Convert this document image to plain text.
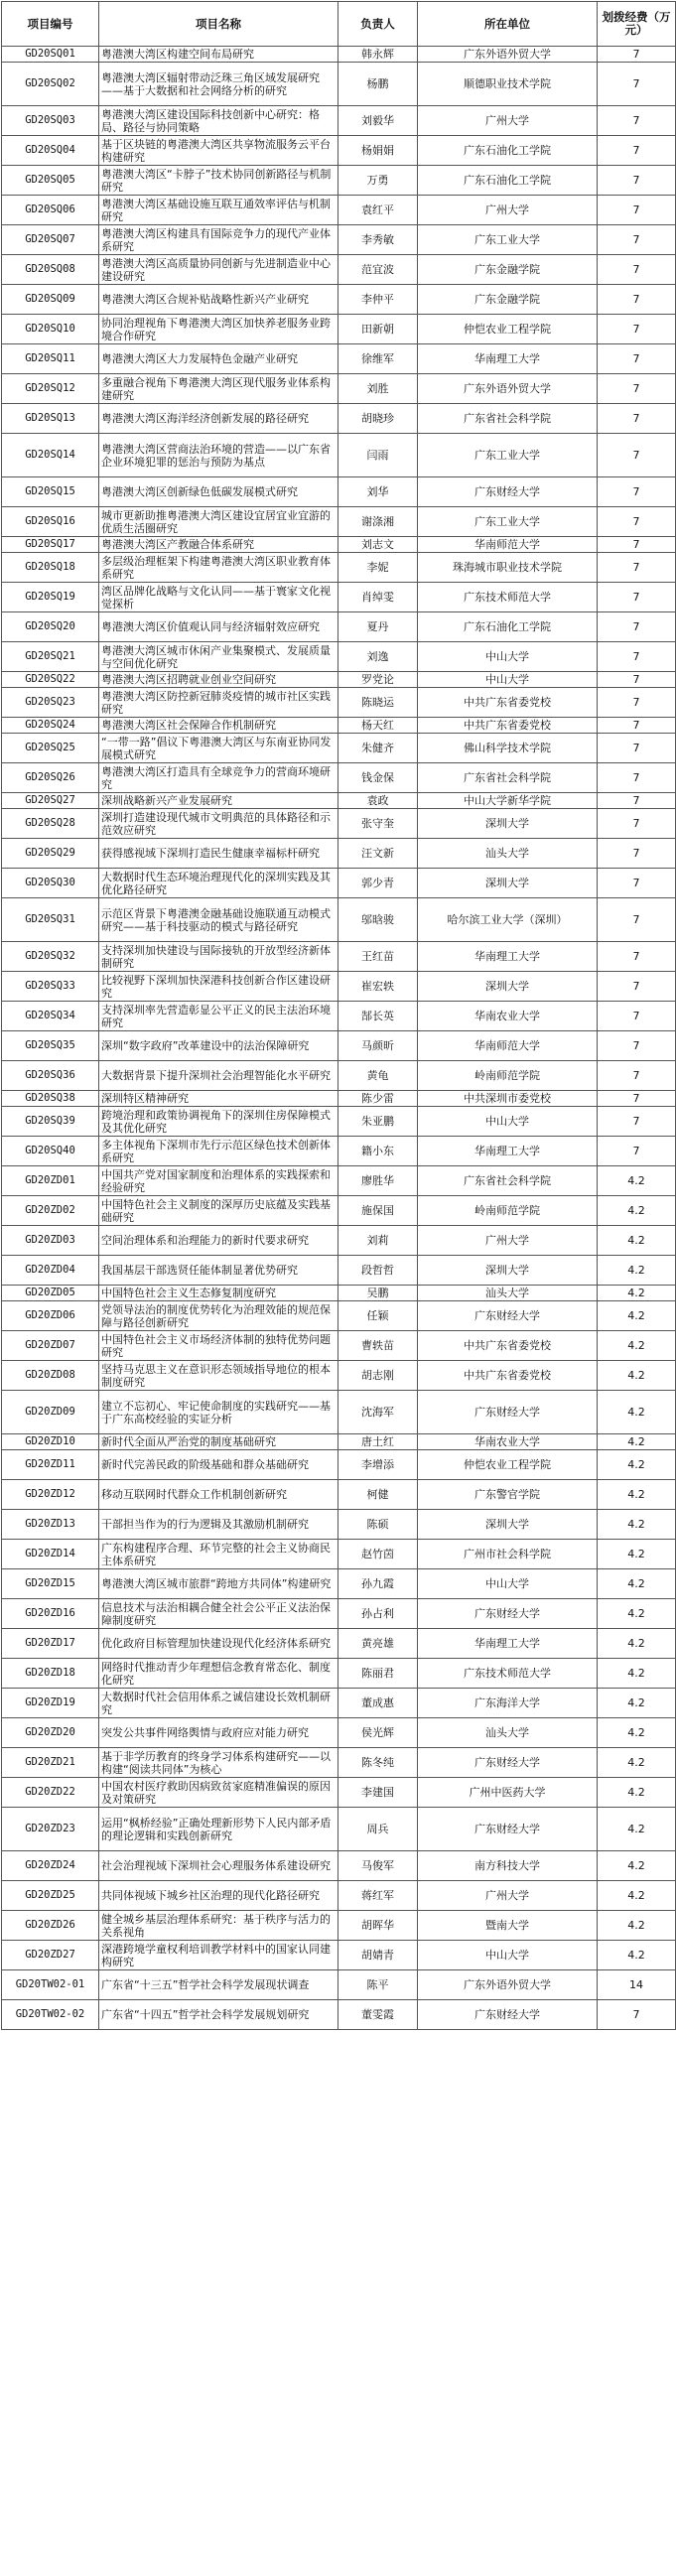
项目编号	项目名称	负责人	所在单位	划拨经费（万元）
GD20SQ01	粤港澳大湾区构建空间布局研究	韩永辉	广东外语外贸大学	7
GD20SQ02	粤港澳大湾区辐射带动泛珠三角区域发展研究——基于大数据和社会网络分析的研究	杨鹏	顺德职业技术学院	7
GD20SQ03	粤港澳大湾区建设国际科技创新中心研究：格局、路径与协同策略	刘毅华	广州大学	7
GD20SQ04	基于区块链的粤港澳大湾区共享物流服务云平台构建研究	杨娟娟	广东石油化工学院	7
GD20SQ05	粤港澳大湾区“卡脖子”技术协同创新路径与机制研究	万勇	广东石油化工学院	7
GD20SQ06	粤港澳大湾区基础设施互联互通效率评估与机制研究	袁红平	广州大学	7
GD20SQ07	粤港澳大湾区构建具有国际竞争力的现代产业体系研究	李秀敏	广东工业大学	7
GD20SQ08	粤港澳大湾区高质量协同创新与先进制造业中心建设研究	范宜波	广东金融学院	7
GD20SQ09	粤港澳大湾区合规补贴战略性新兴产业研究	李仲平	广东金融学院	7
GD20SQ10	协同治理视角下粤港澳大湾区加快养老服务业跨境合作研究	田新朝	仲恺农业工程学院	7
GD20SQ11	粤港澳大湾区大力发展特色金融产业研究	徐维军	华南理工大学	7
GD20SQ12	多重融合视角下粤港澳大湾区现代服务业体系构建研究	刘胜	广东外语外贸大学	7
GD20SQ13	粤港澳大湾区海洋经济创新发展的路径研究	胡晓珍	广东省社会科学院	7
GD20SQ14	粤港澳大湾区营商法治环境的营造——以广东省企业环境犯罪的惩治与预防为基点	闫雨	广东工业大学	7
GD20SQ15	粤港澳大湾区创新绿色低碳发展模式研究	刘华	广东财经大学	7
GD20SQ16	城市更新助推粤港澳大湾区建设宜居宜业宜游的优质生活圈研究	谢涤湘	广东工业大学	7
GD20SQ17	粤港澳大湾区产教融合体系研究	刘志文	华南师范大学	7
GD20SQ18	多层级治理框架下构建粤港澳大湾区职业教育体系研究	李妮	珠海城市职业技术学院	7
GD20SQ19	湾区品牌化战略与文化认同——基于寰家文化视觉探析	肖绰雯	广东技术师范大学	7
GD20SQ20	粤港澳大湾区价值观认同与经济辐射效应研究	夏丹	广东石油化工学院	7
GD20SQ21	粤港澳大湾区城市休闲产业集聚模式、发展质量与空间优化研究	刘逸	中山大学	7
GD20SQ22	粤港澳大湾区招聘就业创业空间研究	罗党论	中山大学	7
GD20SQ23	粤港澳大湾区防控新冠肺炎疫情的城市社区实践研究	陈晓运	中共广东省委党校	7
GD20SQ24	粤港澳大湾区社会保障合作机制研究	杨天红	中共广东省委党校	7
GD20SQ25	“一带一路”倡议下粤港澳大湾区与东南亚协同发展模式研究	朱健齐	佛山科学技术学院	7
GD20SQ26	粤港澳大湾区打造具有全球竞争力的营商环境研究	钱金保	广东省社会科学院	7
GD20SQ27	深圳战略新兴产业发展研究	袁政	中山大学新华学院	7
GD20SQ28	深圳打造建设现代城市文明典范的具体路径和示范效应研究	张守奎	深圳大学	7
GD20SQ29	获得感视域下深圳打造民生健康幸福标杆研究	汪文新	汕头大学	7
GD20SQ30	大数据时代生态环境治理现代化的深圳实践及其优化路径研究	郭少青	深圳大学	7
GD20SQ31	示范区背景下粤港澳金融基础设施联通互动模式研究——基于科技驱动的模式与路径研究	邬晗骏	哈尔滨工业大学（深圳）	7
GD20SQ32	支持深圳加快建设与国际接轨的开放型经济新体制研究	王红苗	华南理工大学	7
GD20SQ33	比较视野下深圳加快深港科技创新合作区建设研究	崔宏轶	深圳大学	7
GD20SQ34	支持深圳率先营造彰显公平正义的民主法治环境研究	郜长英	华南农业大学	7
GD20SQ35	深圳“数字政府”改革建设中的法治保障研究	马颜昕	华南师范大学	7
GD20SQ36	大数据背景下提升深圳社会治理智能化水平研究	黄龟	岭南师范学院	7
GD20SQ38	深圳特区精神研究	陈少雷	中共深圳市委党校	7
GD20SQ39	跨境治理和政策协调视角下的深圳住房保障模式及其优化研究	朱亚鹏	中山大学	7
GD20SQ40	多主体视角下深圳市先行示范区绿色技术创新体系研究	籍小东	华南理工大学	7
GD20ZD01	中国共产党对国家制度和治理体系的实践探索和经验研究	廖胜华	广东省社会科学院	4.2
GD20ZD02	中国特色社会主义制度的深厚历史底蕴及实践基础研究	施保国	岭南师范学院	4.2
GD20ZD03	空间治理体系和治理能力的新时代要求研究	刘莉	广州大学	4.2
GD20ZD04	我国基层干部选贤任能体制显著优势研究	段哲哲	深圳大学	4.2
GD20ZD05	中国特色社会主义生态修复制度研究	吴鹏	汕头大学	4.2
GD20ZD06	党领导法治的制度优势转化为治理效能的规范保障与路径创新研究	任颖	广东财经大学	4.2
GD20ZD07	中国特色社会主义市场经济体制的独特优势问题研究	曹轶苗	中共广东省委党校	4.2
GD20ZD08	坚持马克思主义在意识形态领域指导地位的根本制度研究	胡志刚	中共广东省委党校	4.2
GD20ZD09	建立不忘初心、牢记使命制度的实践研究——基于广东高校经验的实证分析	沈海军	广东财经大学	4.2
GD20ZD10	新时代全面从严治党的制度基础研究	唐土红	华南农业大学	4.2
GD20ZD11	新时代完善民政的阶级基础和群众基础研究	李增添	仲恺农业工程学院	4.2
GD20ZD12	移动互联网时代群众工作机制创新研究	柯健	广东警官学院	4.2
GD20ZD13	干部担当作为的行为逻辑及其激励机制研究	陈硕	深圳大学	4.2
GD20ZD14	广东构建程序合理、环节完整的社会主义协商民主体系研究	赵竹茵	广州市社会科学院	4.2
GD20ZD15	粤港澳大湾区城市旅群“跨地方共同体”构建研究	孙九霞	中山大学	4.2
GD20ZD16	信息技术与法治相耦合健全社会公平正义法治保障制度研究	孙占利	广东财经大学	4.2
GD20ZD17	优化政府目标管理加快建设现代化经济体系研究	黄亮雄	华南理工大学	4.2
GD20ZD18	网络时代推动青少年理想信念教育常态化、制度化研究	陈丽君	广东技术师范大学	4.2
GD20ZD19	大数据时代社会信用体系之诚信建设长效机制研究	董成惠	广东海洋大学	4.2
GD20ZD20	突发公共事件网络舆情与政府应对能力研究	侯光辉	汕头大学	4.2
GD20ZD21	基于非学历教育的终身学习体系构建研究——以构建“阅读共同体”为核心	陈冬纯	广东财经大学	4.2
GD20ZD22	中国农村医疗救助因病致贫家庭精准偏误的原因及对策研究	李建国	广州中医药大学	4.2
GD20ZD23	运用“枫桥经验”正确处理新形势下人民内部矛盾的理论逻辑和实践创新研究	周兵	广东财经大学	4.2
GD20ZD24	社会治理视域下深圳社会心理服务体系建设研究	马俊军	南方科技大学	4.2
GD20ZD25	共同体视域下城乡社区治理的现代化路径研究	蒋红军	广州大学	4.2
GD20ZD26	健全城乡基层治理体系研究：基于秩序与活力的关系视角	胡晖华	暨南大学	4.2
GD20ZD27	深港跨境学童权利培训教学材料中的国家认同建构研究	胡婧青	中山大学	4.2
GD20TW02-01	广东省“十三五”哲学社会科学发展现状调查	陈平	广东外语外贸大学	14
GD20TW02-02	广东省“十四五”哲学社会科学发展规划研究	董雯霞	广东财经大学	7
